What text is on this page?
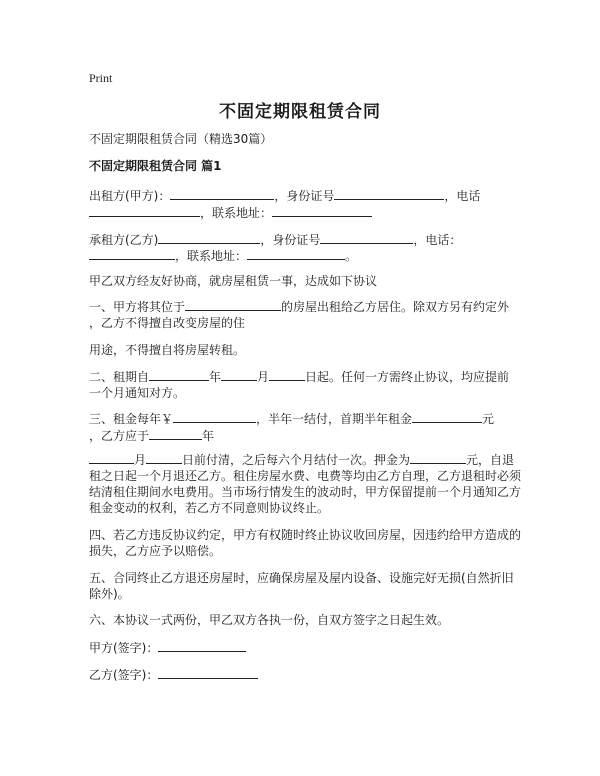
Print
不固定期限租赁合同
不固定期限租赁合同（精选30篇）
不固定期限租赁合同 篇1
出租方(甲方)：	，身份证号	，电话
，联系地址：
承租方(乙方)	，身份证号	，电话：
，联系地址：	。
甲乙双方经友好协商，就房屋租赁一事，达成如下协议
一、甲方将其位于	的房屋出租给乙方居住。除双方另有约定外
，乙方不得擅自改变房屋的住
用途，不得擅自将房屋转租。
二、租期自	年	月	日起。任何一方需终止协议，均应提前
一个月通知对方。
三、租金每年￥	，半年一结付，首期半年租金	元
，乙方应于	年
月	日前付清，之后每六个月结付一次。押金为	元，自退
租之日起一个月退还乙方。租住房屋水费、电费等均由乙方自理，乙方退租时必须
结清租住期间水电费用。当市场行情发生的波动时，甲方保留提前一个月通知乙方
租金变动的权利，若乙方不同意则协议终止。
四、若乙方违反协议约定，甲方有权随时终止协议收回房屋，因违约给甲方造成的
损失，乙方应予以赔偿。
五、合同终止乙方退还房屋时，应确保房屋及屋内设备、设施完好无损(自然折旧
除外)。
六、本协议一式两份，甲乙双方各执一份，自双方签字之日起生效。
甲方(签字)：
乙方(签字)：
